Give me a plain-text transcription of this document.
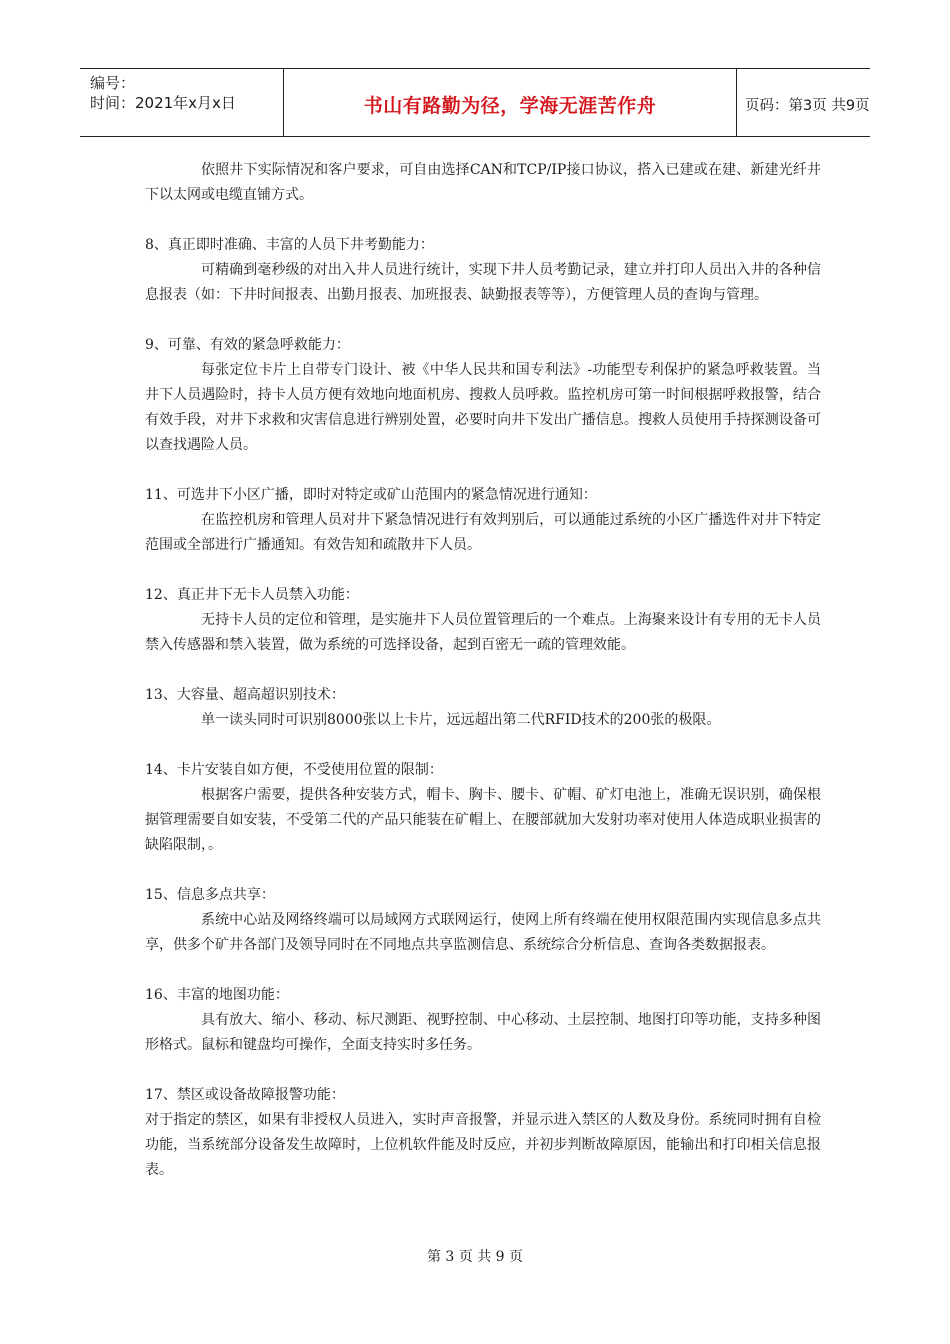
编号：
时间：2021年x月x日	书山有路勤为径，学海无涯苦作舟	页码：第3页 共9页

依照井下实际情况和客户要求，可自由选择CAN和TCP/IP接口协议，搭入已建或在建、新建光纤井下以太网或电缆直铺方式。

8、真正即时准确、丰富的人员下井考勤能力：

可精确到毫秒级的对出入井人员进行统计，实现下井人员考勤记录，建立并打印人员出入井的各种信息报表（如：下井时间报表、出勤月报表、加班报表、缺勤报表等等），方便管理人员的查询与管理。

9、可靠、有效的紧急呼救能力：

每张定位卡片上自带专门设计、被《中华人民共和国专利法》-功能型专利保护的紧急呼救装置。当井下人员遇险时，持卡人员方便有效地向地面机房、搜救人员呼救。监控机房可第一时间根据呼救报警，结合有效手段，对井下求救和灾害信息进行辨别处置，必要时向井下发出广播信息。搜救人员使用手持探测设备可以查找遇险人员。

11、可选井下小区广播，即时对特定或矿山范围内的紧急情况进行通知：

在监控机房和管理人员对井下紧急情况进行有效判别后，可以通能过系统的小区广播选件对井下特定范围或全部进行广播通知。有效告知和疏散井下人员。

12、真正井下无卡人员禁入功能：

无持卡人员的定位和管理，是实施井下人员位置管理后的一个难点。上海聚来设计有专用的无卡人员禁入传感器和禁入装置，做为系统的可选择设备，起到百密无一疏的管理效能。

13、大容量、超高超识别技术：

单一读头同时可识别8000张以上卡片，远远超出第二代RFID技术的200张的极限。

14、卡片安装自如方便，不受使用位置的限制：

根据客户需要，提供各种安装方式，帽卡、胸卡、腰卡、矿帽、矿灯电池上，准确无误识别，确保根据管理需要自如安装，不受第二代的产品只能装在矿帽上、在腰部就加大发射功率对使用人体造成职业损害的缺陷限制，。

15、信息多点共享：

系统中心站及网络终端可以局域网方式联网运行，使网上所有终端在使用权限范围内实现信息多点共享，供多个矿井各部门及领导同时在不同地点共享监测信息、系统综合分析信息、查询各类数据报表。

16、丰富的地图功能：

具有放大、缩小、移动、标尺测距、视野控制、中心移动、土层控制、地图打印等功能，支持多种图形格式。鼠标和键盘均可操作，全面支持实时多任务。

17、禁区或设备故障报警功能：

对于指定的禁区，如果有非授权人员进入，实时声音报警，并显示进入禁区的人数及身份。系统同时拥有自检功能，当系统部分设备发生故障时，上位机软件能及时反应，并初步判断故障原因，能输出和打印相关信息报表。

第 3 页 共 9 页
